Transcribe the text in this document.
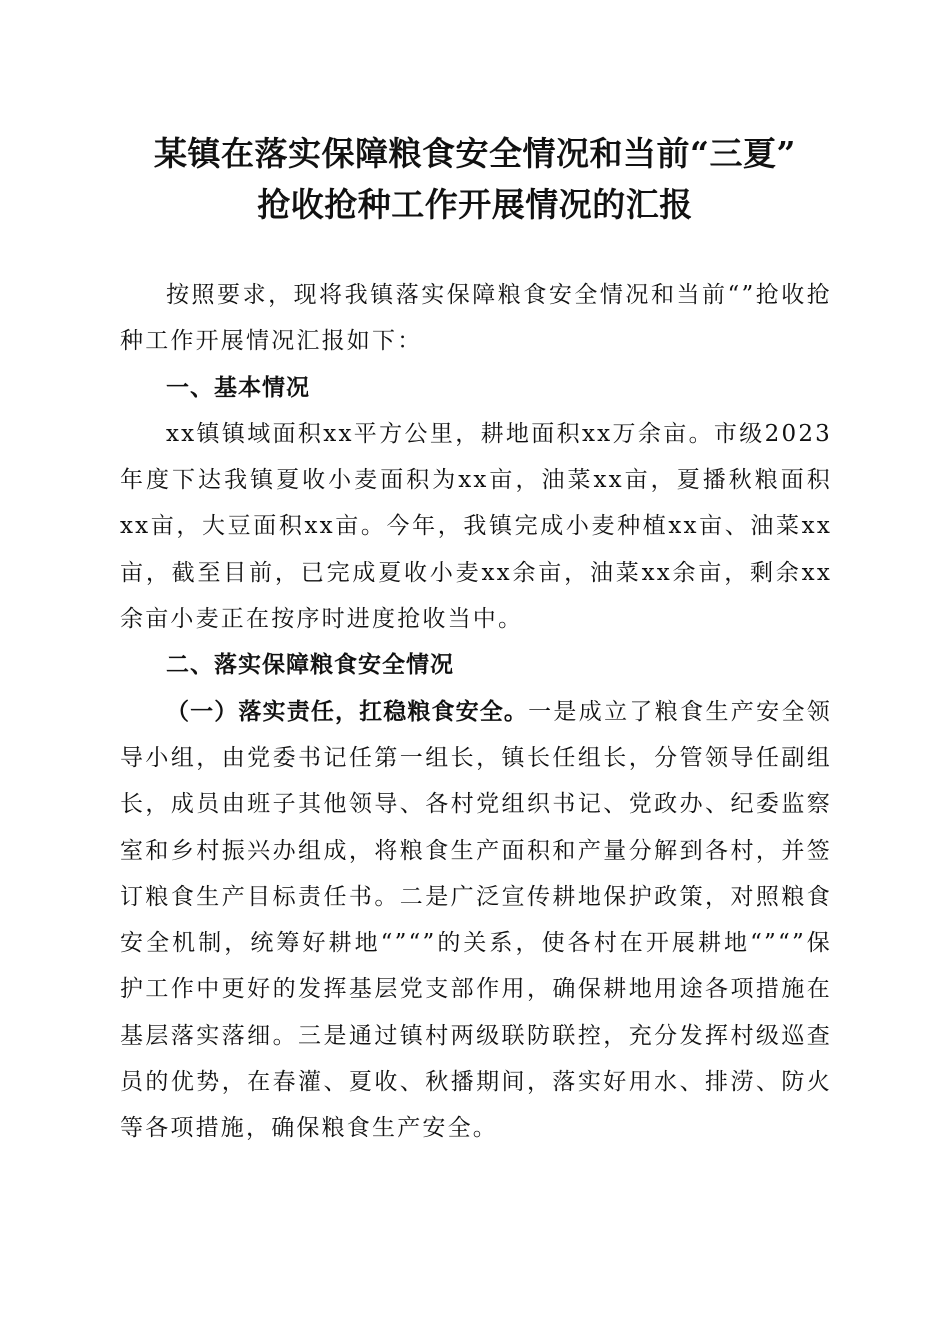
某镇在落实保障粮食安全情况和当前“三夏”
抢收抢种工作开展情况的汇报

按照要求，现将我镇落实保障粮食安全情况和当前“”抢收抢种工作开展情况汇报如下：

一、基本情况

xx镇镇域面积xx平方公里，耕地面积xx万余亩。市级2023年度下达我镇夏收小麦面积为xx亩，油菜xx亩，夏播秋粮面积xx亩，大豆面积xx亩。今年，我镇完成小麦种植xx亩、油菜xx亩，截至目前，已完成夏收小麦xx余亩，油菜xx余亩，剩余xx余亩小麦正在按序时进度抢收当中。

二、落实保障粮食安全情况

（一）落实责任，扛稳粮食安全。一是成立了粮食生产安全领导小组，由党委书记任第一组长，镇长任组长，分管领导任副组长，成员由班子其他领导、各村党组织书记、党政办、纪委监察室和乡村振兴办组成，将粮食生产面积和产量分解到各村，并签订粮食生产目标责任书。二是广泛宣传耕地保护政策，对照粮食安全机制，统筹好耕地“”“”的关系，使各村在开展耕地“”“”保护工作中更好的发挥基层党支部作用，确保耕地用途各项措施在基层落实落细。三是通过镇村两级联防联控，充分发挥村级巡查员的优势，在春灌、夏收、秋播期间，落实好用水、排涝、防火等各项措施，确保粮食生产安全。
